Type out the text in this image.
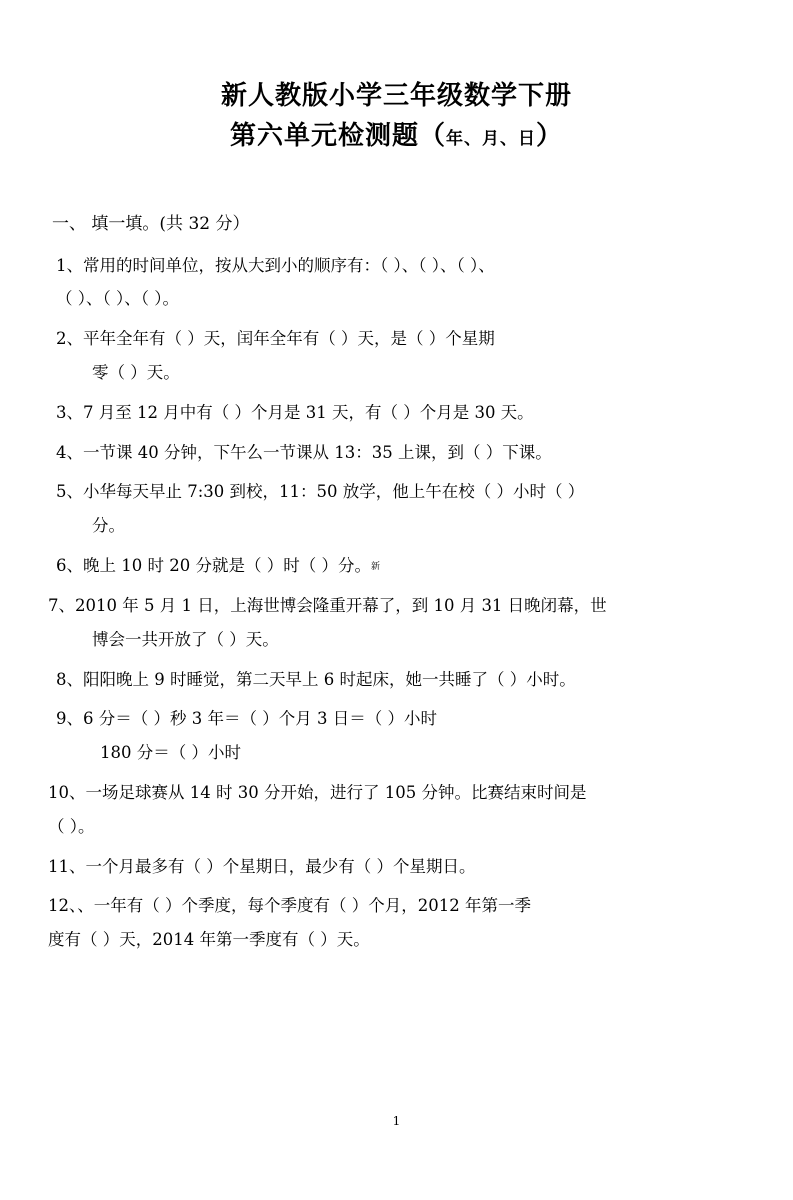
新人教版小学三年级数学下册
第六单元检测题（年、月、日）
一、 填一填。(共 32 分）
1、常用的时间单位，按从大到小的顺序有：（ ）、（ ）、（ ）、
（ ）、（ ）、（ ）。
2、平年全年有（ ）天，闰年全年有（ ）天，是（ ）个星期
零（ ）天。
3、7 月至 12 月中有（ ）个月是 31 天，有（ ）个月是 30 天。
4、一节课 40 分钟，下午么一节课从 13：35 上课，到（ ）下课。
5、小华每天早止 7:30 到校，11：50 放学，他上午在校（ ）小时（ ）
分。
6、晚上 10 时 20 分就是（ ）时（ ）分。新
7、2010 年 5 月 1 日，上海世博会隆重开幕了，到 10 月 31 日晚闭幕，世
博会一共开放了（ ）天。
8、阳阳晚上 9 时睡觉，第二天早上 6 时起床，她一共睡了（ ）小时。
9、6 分＝（ ）秒 3 年＝（ ）个月 3 日＝（ ）小时
180 分＝（ ）小时
10、一场足球赛从 14 时 30 分开始，进行了 105 分钟。比赛结束时间是
（ ）。
11、一个月最多有（ ）个星期日，最少有（ ）个星期日。
12、、一年有（ ）个季度，每个季度有（ ）个月，2012 年第一季
度有（ ）天，2014 年第一季度有（ ）天。
1
